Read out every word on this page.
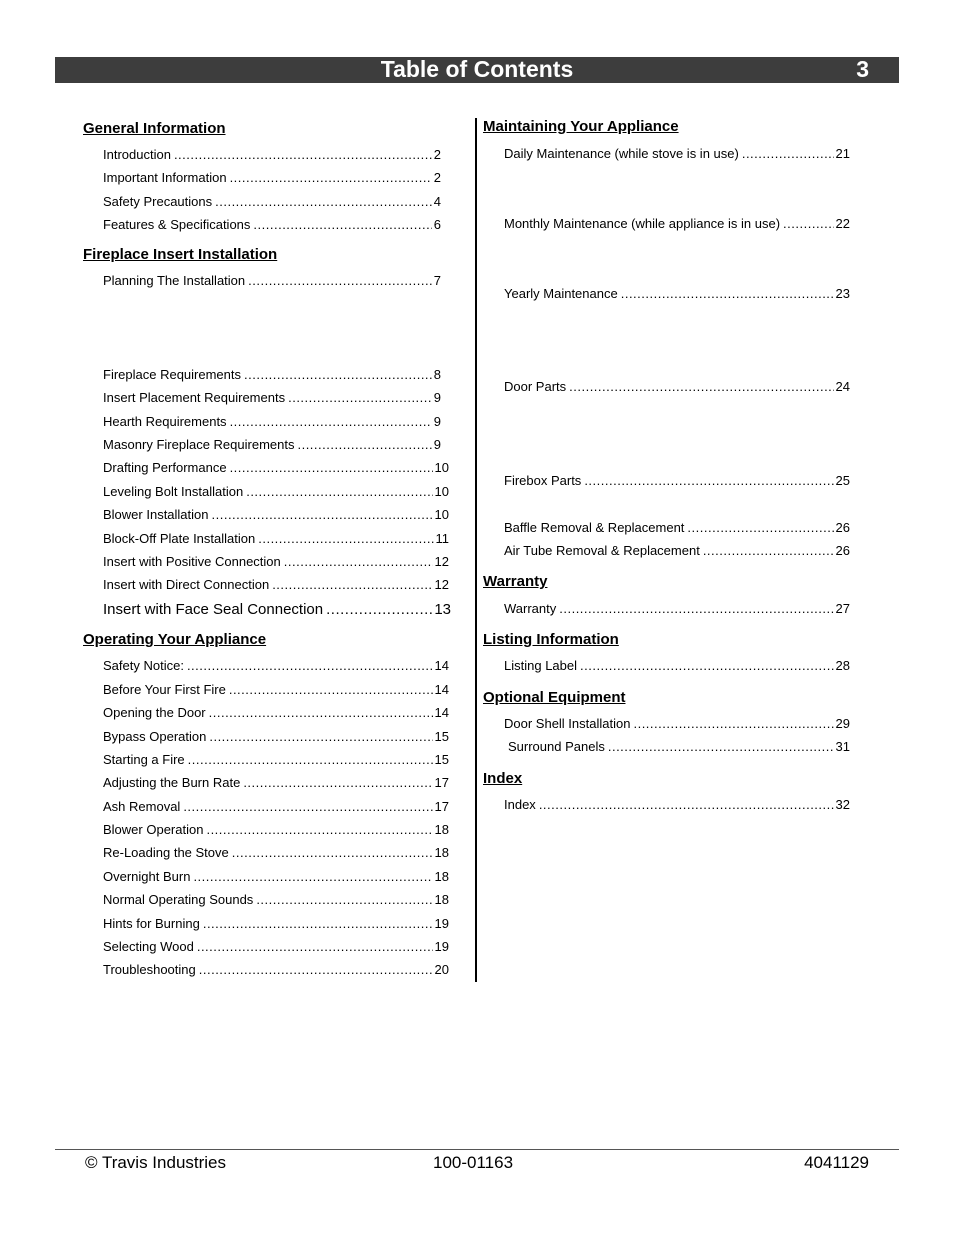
Table of Contents	3
General Information
Introduction .....	2
Important Information .....	2
Safety Precautions .....	4
Features & Specifications .....	6
Fireplace Insert Installation
Planning The Installation .....	7
Fireplace Requirements .....	8
Insert Placement Requirements .....	9
Hearth Requirements .....	9
Masonry Fireplace Requirements .....	9
Drafting Performance .....	10
Leveling Bolt Installation .....	10
Blower Installation .....	10
Block-Off Plate Installation .....	11
Insert with Positive Connection .....	12
Insert with Direct Connection .....	12
Insert with Face Seal Connection .....	13
Operating Your Appliance
Safety Notice: .....	14
Before Your First Fire .....	14
Opening the Door .....	14
Bypass Operation .....	15
Starting a Fire .....	15
Adjusting the Burn Rate .....	17
Ash Removal .....	17
Blower Operation .....	18
Re-Loading the Stove .....	18
Overnight Burn .....	18
Normal Operating Sounds .....	18
Hints for Burning .....	19
Selecting Wood .....	19
Troubleshooting .....	20
Maintaining Your Appliance
Daily Maintenance (while stove is in use) .....	21
Monthly Maintenance (while appliance is in use) .....	22
Yearly Maintenance .....	23
Door Parts .....	24
Firebox Parts .....	25
Baffle Removal & Replacement .....	26
Air Tube Removal & Replacement .....	26
Warranty
Warranty .....	27
Listing Information
Listing Label .....	28
Optional Equipment
Door Shell Installation .....	29
Surround Panels .....	31
Index
Index .....	32
© Travis Industries	100-01163	4041129
